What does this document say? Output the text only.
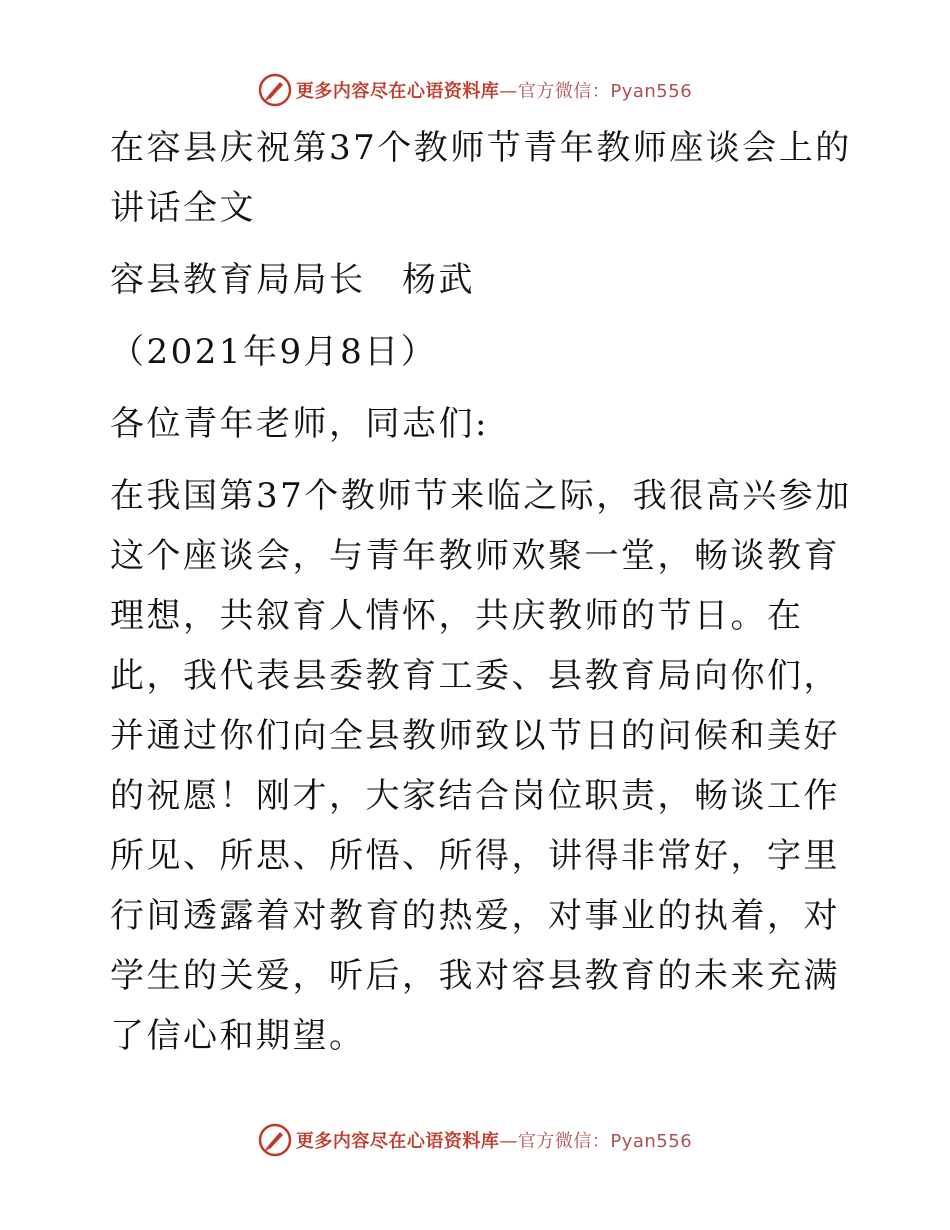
更多内容尽在心语资料库—官方微信：Pyan556

在容县庆祝第37个教师节青年教师座谈会上的讲话全文

容县教育局局长　杨武

（2021年9月8日）

各位青年老师，同志们:

在我国第37个教师节来临之际，我很高兴参加这个座谈会，与青年教师欢聚一堂，畅谈教育理想，共叙育人情怀，共庆教师的节日。在此，我代表县委教育工委、县教育局向你们，并通过你们向全县教师致以节日的问候和美好的祝愿！刚才，大家结合岗位职责，畅谈工作所见、所思、所悟、所得，讲得非常好，字里行间透露着对教育的热爱，对事业的执着，对学生的关爱，听后，我对容县教育的未来充满了信心和期望。

更多内容尽在心语资料库—官方微信：Pyan556
